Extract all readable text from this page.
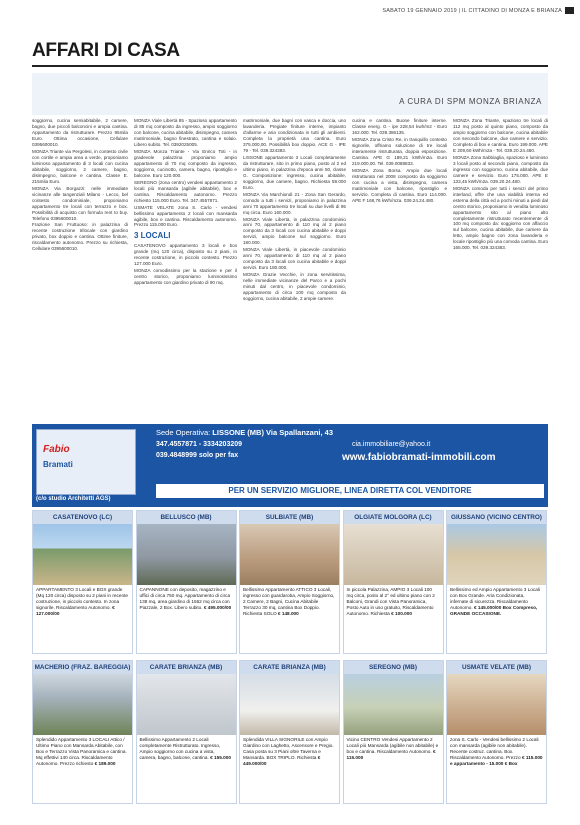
SABATO 19 GENNAIO 2019 | IL CITTADINO DI MONZA E BRIANZA
AFFARI DI CASA
A CURA DI SPM MONZA BRIANZA

soggiorno, cucina semiabitabile, 2 camere, bagno, due piccoli balconcini e ampia cantina. Appartamento da ristrutturare. Prezzo 95mila Euro. Ottima occasione, Cellulare 0395600010.

MONZA Triante via Pergolesi, in contesto civile con cortile e ampia area a verde, proponiamo luminoso appartamento di 3 locali con cucina abitabile, soggiorno, 2 camere, bagno, disimpegno, balcone e cantina. Classe E. 215mila Euro.

MONZA Via Borgazzi: nelle immediate vicinanze alle tangenziali Milano - Lecco, bel contesto condominiale, proponiamo appartamento tre locali con terrazzo e box. Possibilità di acquisto con formula rent to buy. Telefono 0395600010.

Frazione San Fruttuoso: in palazzina di recente costruzione trilocale con giardino privato, box doppio e cantina. Ottime finiture, riscaldamento autonomo. Prezzo su richiesta, Cellulare 0395600010.

MONZA Viale Libertà 85 - Spazioso appartamento di 85 mq composto da ingresso, ampio soggiorno con balcone, cucina abitabile, disimpegno, camera matrimoniale, bagno finestrato, cantina e solaio. Libero subito. Tel. 0392025005.

MONZA Monza Triante - Via Enrico Toti - in gradevole palazzina proponiamo ampio appartamento di 70 mq composto da ingresso, soggiorno, cucinotto, camera, bagno, ripostiglio e balcone. Euro 120.000.

SEREGNO (zona centro) vendesi appartamento 2 locali più mansarda (agibile abitabile), box e cantina. Riscaldamento autonomo. Prezzo richiesto 115.000 Euro. Tel. 347.4557871.

USMATE VELATE zona S. Carlo - vendesi bellissimo appartamento 2 locali con mansarda agibile, box e cantina. Riscaldamento autonomo. Prezzo 115.000 Euro.

3 LOCALI

CASATENOVO appartamento 3 locali e box grande (mq 120 circa), disposto su 2 piani, in recente costruzione, in piccolo contesto. Prezzo 127.000 Euro.

MONZA comodissimo per la stazione e per il centro storico, proponiamo luminosissimo appartamento con giardino privato di 90 mq.

matrimoniale, due bagni con vasca e doccia, uno lavanderia. Pregiate finiture interne, impianto d'allarme e aria condizionata in tutti gli ambienti. Completa la proprietà una cantina. Euro 375.000,00. Possibilità box doppio. ACE G - IPE 79 - Tel. 039.324383.

LISSONE appartamento 3 Locali completamente da ristrutturare, sito in primo piano, posto al 2 ed ultimo piano, in palazzina d'epoca anni 50, classe G. Composizione: ingresso, cucina abitabile, soggiorno, due camere, bagno. Richiesta 59.000 Euro.

MONZA Via Marchiondi 21 - Zona San Gerardo, comodo a tutti i servizi, proponiamo in palazzina anni 70 appartamento tre locali su due livelli di 95 mq circa. Euro 160.000.

MONZA Viale Libertà, in palazzina condominio anni 70, appartamento di 110 mq al 2 piano composto da 3 locali con cucina abitabile e doppi servizi, ampio balcone sul soggiorno. Euro 180.000.

MONZA Viale Libertà, in piacevole condominio anni 70, appartamento di 110 mq al 2 piano composto da 3 locali con cucina abitabile e doppi servizi. Euro 180.000.

MONZA Grazie Vecchie, in zona servitissima, nelle immediate vicinanze del Parco e a pochi minuti dal centro, in piacevole condominio, appartamento di circa 100 mq composto da soggiorno, cucina abitabile, 2 ampie camere.

cucina e cantina. Buone finiture interne. Classe energ. G - ipe 228,54 kwh/m2 - Euro 162.000. Tel. 039.386135.

MONZA Zona Cristo Re, in tranquillo contesto signorile, offriamo soluzione di tre locali interamente ristrutturata, doppia esposizione. Cantina. APE G 189,21 kWh/m2a. Euro 219.000,00. Tel. 039.0088833.

MONZA Zona Borsa. Ampio due locali ristrutturato nel 2008 composto da soggiorno con cucina a vista, disimpegno, camera matrimoniale con balcone, ripostiglio e servizio. Completa di cantina. Euro 114.000. APE F 168,76 kWh/m2a. 039.24.24.480.

MONZA Zona Triante, spazioso tre locali di 112 mq posto al quinto piano, composto da ampio soggiorno con balcone, cucina abitabile con secondo balcone, due camere e servizio. Completo di box e cantina. Euro 199.000. APE E 209,60 kWh/m2a - Tel. 039.20.24.480.

MONZA Zona Sabbiaglia, spazioso e luminoso 3 locali posto al secondo piano, composto da ingresso con soggiorno, cucina abitabile, due camere e servizio. Euro 175.000. APE E 133,45 kWh/m2a. 039.20.24.480.

MONZA comoda per tutti i servizi del primo interland, offre che una viabilità interna ed esterna della città ed a pochi minuti a piedi dal centro storico, proponiamo in vendita luminoso appartamento sito al piano alto completamente ristrutturato recentemente di 100 mq composto da: soggiorno con affaccio sul balcone, cucina abitabile, due camere da letto, ampio bagno con zona lavanderia e locale ripostiglio più una comoda cantina. Euro 165.000. Tel. 039.324383.

Fabio
Bramati
Sede Operativa: LISSONE (MB) Via Spallanzani, 43
347.4557871 - 3334203209
039.4848999 solo per fax
cia.immobiliare@yahoo.it
www.fabiobramati-immobili.com
PER UN SERVIZIO MIGLIORE, LINEA DIRETTA COL VENDITORE
(c/o studio Architetti AGS)
CASATENOVO (LC)
APPARTAMENTO 3 Locali e BOX grande (Mq 120 circa) disposto su 2 piani in recente costruzione, in piccolo contesto. In zona signorile. Riscaldamento Autonomo. € 127.000/00
BELLUSCO (MB)
CAPANNONE con deposito, magazzino e uffici di circa 750 mq. Appartamento di circa 138 mq, area giardino di 1562 mq circa con Piazzale, 2 Box. Libero subito. € 495.000/00
SULBIATE (MB)
Bellissimo Appartamento ATTICO 3 Locali, ingresso con guardaroba, Ampio Soggiorno, 2 Camere, 2 Bagni, Cucina Abitabile Terrazzo 30 mq, cantina Box Doppio. Richiesta SOLO € 148.000
OLGIATE MOLGORA (LC)
In piccola Palazzina, AMPIO 3 Locali 100 mq circa, posto al 2° ed ultimo piano con 2 Balconi, Grandi con Vista Panoramica, Posto Auto in uso gratuito, Riscaldamento Autonomo. Richiesta € 100.000
GIUSSANO (VICINO CENTRO)
Bellissimo ed Ampio Appartamento 3 Locali con Box Grande. Aria Condizionata, infernate di sicurezza. Riscaldamento Autonomo. € 145.000/00 Box Compreso, GRANDE OCCASIONE.
MACHERIO (FRAZ. BAREGGIA)
Splendido Appartamento 3 LOCALI Attico / Ultimo Piano con Mansarda Abitabile, con Box e Terrazzo Vista Panoramica e cantina. Mq effettivi 140 circa. Riscaldamento Autonomo. Prezzo richiesto € 189.000
CARATE BRIANZA (MB)
Bellissimo Appartamento 2 Locali completamente Ristrutturato. Ingresso, Ampio soggiorno con cucina a vista, camera, bagno, balcone, cantina. € 155.000
CARATE BRIANZA (MB)
Splendida VILLA SIGNORILE con Ampio Giardino con Laghetto, Ascensore e Pregio. Casa posta su 3 Piani oltre Taverna e Mansarda. BOX TRIPLO. Richiesta € 449.000/00
SEREGNO (MB)
Vicino CENTRO Vendesi Appartamento 2 Locali più Mansarda (agibile non abitabile) e box e cantina. Riscaldamento Autonomo. € 115.000
USMATE VELATE (MB)
zona S. Carlo - Vendesi bellissimo 2 Locali con mansarda (agibile non abitabile). Recente costruz. cantina. Box. Riscaldamento Autonomo. Prezzo € 115.000 e appartamento - 15.000 € Box
